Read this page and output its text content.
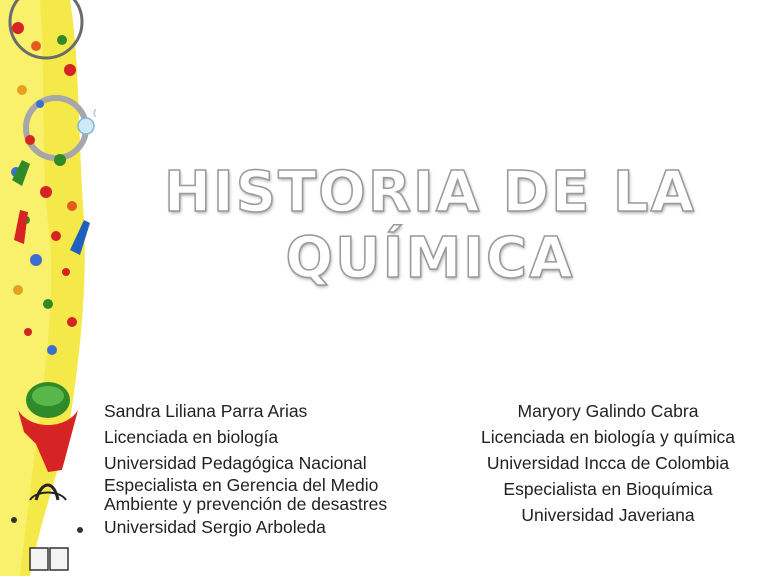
HISTORIA DE LA
QUÍMICA
Sandra Liliana Parra Arias
Licenciada en biología
Universidad Pedagógica Nacional
Especialista en Gerencia del Medio
Ambiente y prevención de desastres
Universidad Sergio Arboleda
Maryory Galindo Cabra
Licenciada en biología y química
Universidad Incca de Colombia
Especialista en Bioquímica
Universidad Javeriana
